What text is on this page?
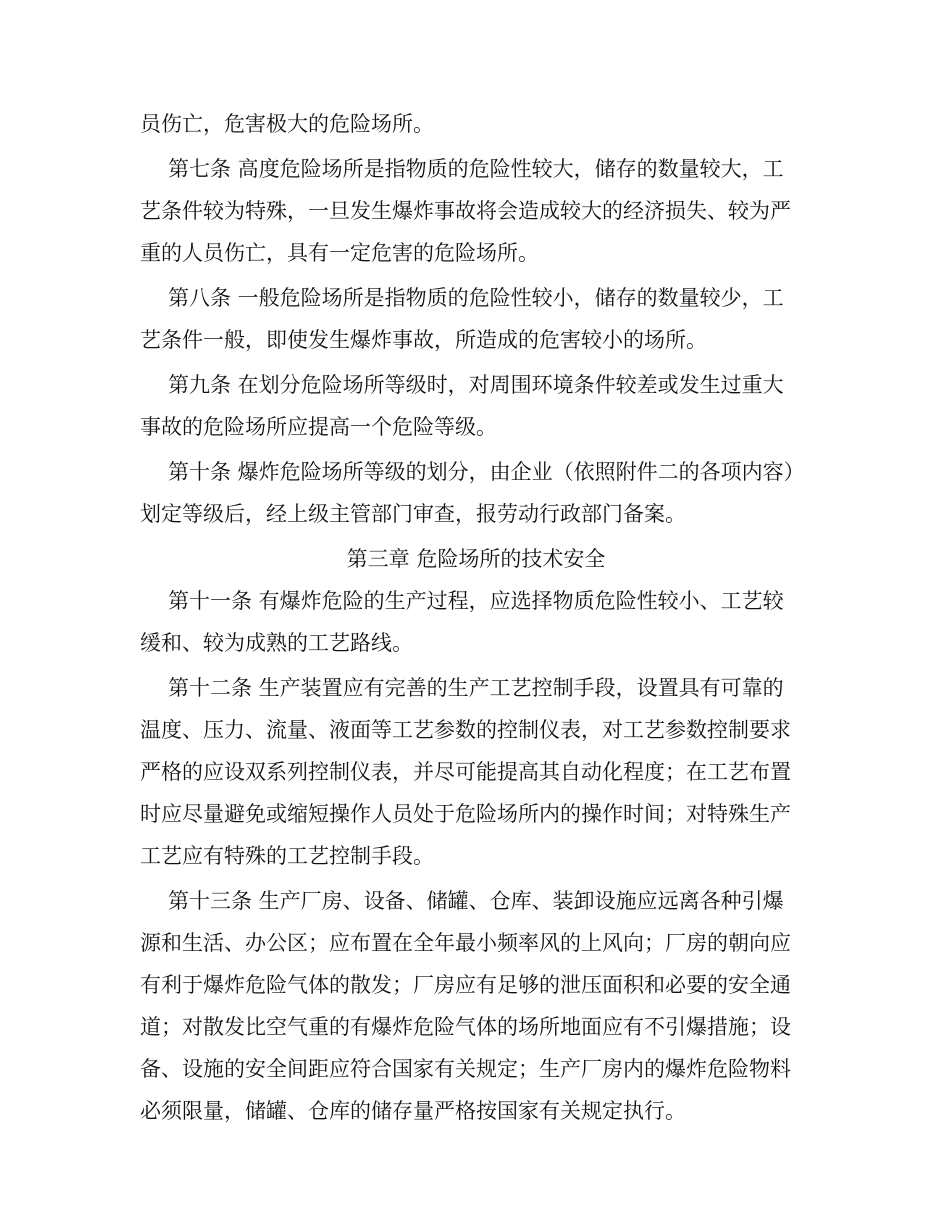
员伤亡，危害极大的危险场所。
第七条 高度危险场所是指物质的危险性较大，储存的数量较大，工
艺条件较为特殊，一旦发生爆炸事故将会造成较大的经济损失、较为严
重的人员伤亡，具有一定危害的危险场所。
第八条 一般危险场所是指物质的危险性较小，储存的数量较少，工
艺条件一般，即使发生爆炸事故，所造成的危害较小的场所。
第九条 在划分危险场所等级时，对周围环境条件较差或发生过重大
事故的危险场所应提高一个危险等级。
第十条 爆炸危险场所等级的划分，由企业（依照附件二的各项内容）
划定等级后，经上级主管部门审查，报劳动行政部门备案。
第三章 危险场所的技术安全
第十一条 有爆炸危险的生产过程，应选择物质危险性较小、工艺较
缓和、较为成熟的工艺路线。
第十二条 生产装置应有完善的生产工艺控制手段，设置具有可靠的
温度、压力、流量、液面等工艺参数的控制仪表，对工艺参数控制要求
严格的应设双系列控制仪表，并尽可能提高其自动化程度；在工艺布置
时应尽量避免或缩短操作人员处于危险场所内的操作时间；对特殊生产
工艺应有特殊的工艺控制手段。
第十三条 生产厂房、设备、储罐、仓库、装卸设施应远离各种引爆
源和生活、办公区；应布置在全年最小频率风的上风向；厂房的朝向应
有利于爆炸危险气体的散发；厂房应有足够的泄压面积和必要的安全通
道；对散发比空气重的有爆炸危险气体的场所地面应有不引爆措施；设
备、设施的安全间距应符合国家有关规定；生产厂房内的爆炸危险物料
必须限量，储罐、仓库的储存量严格按国家有关规定执行。
